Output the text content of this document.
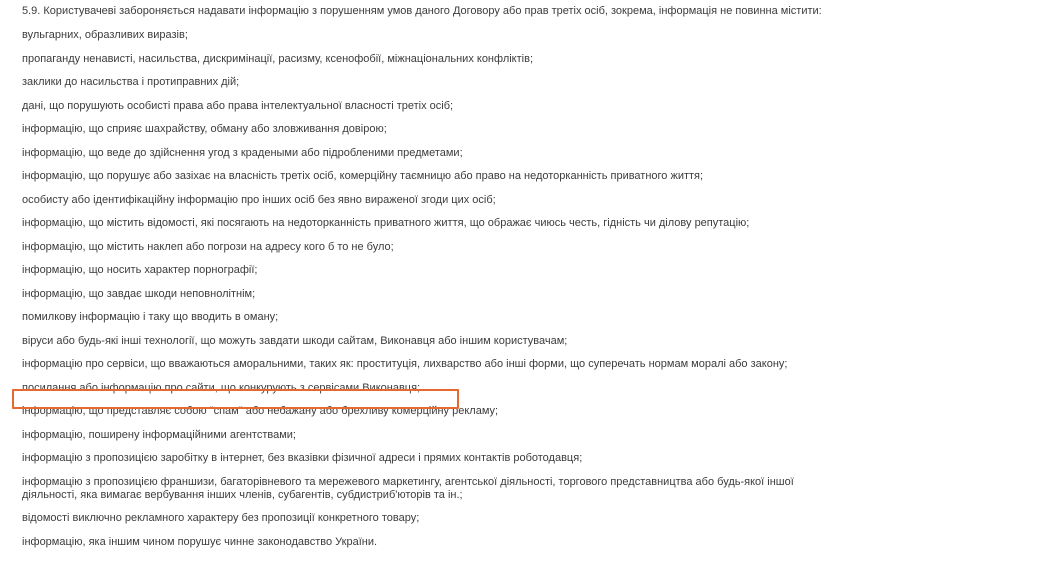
5.9. Користувачеві забороняється надавати інформацію з порушенням умов даного Договору або прав третіх осіб, зокрема, інформація не повинна містити:

вульгарних, образливих виразів;
пропаганду ненависті, насильства, дискримінації, расизму, ксенофобії, міжнаціональних конфліктів;
заклики до насильства і протиправних дій;
дані, що порушують особисті права або права інтелектуальної власності третіх осіб;
інформацію, що сприяє шахрайству, обману або зловживання довірою;
інформацію, що веде до здійснення угод з крадеными або підробленими предметами;
інформацію, що порушує або зазіхає на власність третіх осіб, комерційну таємницю або право на недоторканність приватного життя;
особисту або ідентифікаційну інформацію про інших осіб без явно вираженої згоди цих осіб;
інформацію, що містить відомості, які посягають на недоторканність приватного життя, що ображає чиюсь честь, гідність чи ділову репутацію;
інформацію, що містить наклеп або погрози на адресу кого б то не було;
інформацію, що носить характер порнографії;
інформацію, що завдає шкоди неповнолітнім;
помилкову інформацію і таку що вводить в оману;
віруси або будь-які інші технології, що можуть завдати шкоди сайтам, Виконавця або іншим користувачам;
інформацію про сервіси, що вважаються аморальними, таких як: проституція, лихварство або інші форми, що суперечать нормам моралі або закону;
посилання або інформацію про сайти, що конкурують з сервісами Виконавця;
інформацію, що представляє собою "спам" або небажану або брехливу комерційну рекламу;
інформацію, поширену інформаційними агентствами;
інформацію з пропозицією заробітку в інтернет, без вказівки фізичної адреси і прямих контактів роботодавця;
інформацію з пропозицією франшизи, багаторівневого та мережевого маркетингу, агентської діяльності, торгового представництва або будь-якої іншої діяльності, яка вимагає вербування інших членів, субагентів, субдистриб'юторів та ін.;
відомості виключно рекламного характеру без пропозиції конкретного товару;
інформацію, яка іншим чином порушує чинне законодавство України.
